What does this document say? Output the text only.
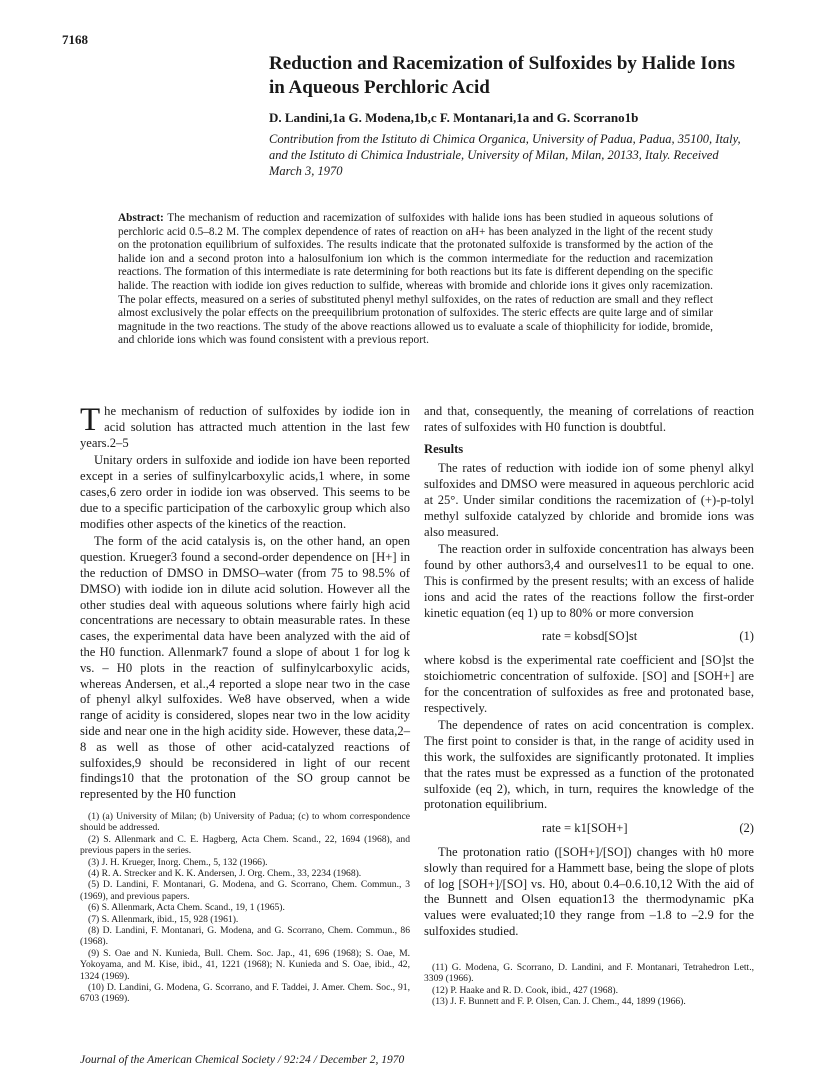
7168
Reduction and Racemization of Sulfoxides by Halide Ions in Aqueous Perchloric Acid

D. Landini,1a G. Modena,1b,c F. Montanari,1a and G. Scorrano1b

Contribution from the Istituto di Chimica Organica, University of Padua, Padua, 35100, Italy, and the Istituto di Chimica Industriale, University of Milan, Milan, 20133, Italy. Received March 3, 1970

Abstract: The mechanism of reduction and racemization of sulfoxides with halide ions has been studied in aqueous solutions of perchloric acid 0.5–8.2 M. The complex dependence of rates of reaction on aH+ has been analyzed in the light of the recent study on the protonation equilibrium of sulfoxides. The results indicate that the protonated sulfoxide is transformed by the action of the halide ion and a second proton into a halosulfonium ion which is the common intermediate for the reduction and racemization reactions. The formation of this intermediate is rate determining for both reactions but its fate is different depending on the specific halide. The reaction with iodide ion gives reduction to sulfide, whereas with bromide and chloride ions it gives only racemization. The polar effects, measured on a series of substituted phenyl methyl sulfoxides, on the rates of reduction are small and they reflect almost exclusively the polar effects on the preequilibrium protonation of sulfoxides. The steric effects are quite large and of similar magnitude in the two reactions. The study of the above reactions allowed us to evaluate a scale of thiophilicity for iodide, bromide, and chloride ions which was found consistent with a previous report.

The mechanism of reduction of sulfoxides by iodide ion in acid solution has attracted much attention in the last few years.2–5

Unitary orders in sulfoxide and iodide ion have been reported except in a series of sulfinylcarboxylic acids,1 where, in some cases,6 zero order in iodide ion was observed. This seems to be due to a specific participation of the carboxylic group which also modifies other aspects of the kinetics of the reaction.

The form of the acid catalysis is, on the other hand, an open question. Krueger3 found a second-order dependence on [H+] in the reduction of DMSO in DMSO–water (from 75 to 98.5% of DMSO) with iodide ion in dilute acid solution. However all the other studies deal with aqueous solutions where fairly high acid concentrations are necessary to obtain measurable rates. In these cases, the experimental data have been analyzed with the aid of the H0 function. Allenmark7 found a slope of about 1 for log k vs. – H0 plots in the reaction of sulfinylcarboxylic acids, whereas Andersen, et al.,4 reported a slope near two in the case of phenyl alkyl sulfoxides. We8 have observed, when a wide range of acidity is considered, slopes near two in the low acidity side and near one in the high acidity side. However, these data,2–8 as well as those of other acid-catalyzed reactions of sulfoxides,9 should be reconsidered in light of our recent findings10 that the protonation of the SO group cannot be represented by the H0 function

(1) (a) University of Milan; (b) University of Padua; (c) to whom correspondence should be addressed.
(2) S. Allenmark and C. E. Hagberg, Acta Chem. Scand., 22, 1694 (1968), and previous papers in the series.
(3) J. H. Krueger, Inorg. Chem., 5, 132 (1966).
(4) R. A. Strecker and K. K. Andersen, J. Org. Chem., 33, 2234 (1968).
(5) D. Landini, F. Montanari, G. Modena, and G. Scorrano, Chem. Commun., 3 (1969), and previous papers.
(6) S. Allenmark, Acta Chem. Scand., 19, 1 (1965).
(7) S. Allenmark, ibid., 15, 928 (1961).
(8) D. Landini, F. Montanari, G. Modena, and G. Scorrano, Chem. Commun., 86 (1968).
(9) S. Oae and N. Kunieda, Bull. Chem. Soc. Jap., 41, 696 (1968); S. Oae, M. Yokoyama, and M. Kise, ibid., 41, 1221 (1968); N. Kunieda and S. Oae, ibid., 42, 1324 (1969).
(10) D. Landini, G. Modena, G. Scorrano, and F. Taddei, J. Amer. Chem. Soc., 91, 6703 (1969).

and that, consequently, the meaning of correlations of reaction rates of sulfoxides with H0 function is doubtful.

Results

The rates of reduction with iodide ion of some phenyl alkyl sulfoxides and DMSO were measured in aqueous perchloric acid at 25°. Under similar conditions the racemization of (+)-p-tolyl methyl sulfoxide catalyzed by chloride and bromide ions was also measured.

The reaction order in sulfoxide concentration has always been found by other authors3,4 and ourselves11 to be equal to one. This is confirmed by the present results; with an excess of halide ions and acid the rates of the reactions follow the first-order kinetic equation (eq 1) up to 80% or more conversion

rate = kobsd[SO]st	(1)

where kobsd is the experimental rate coefficient and [SO]st the stoichiometric concentration of sulfoxide. [SO] and [SOH+] are for the concentration of sulfoxides as free and protonated base, respectively.

The dependence of rates on acid concentration is complex. The first point to consider is that, in the range of acidity used in this work, the sulfoxides are significantly protonated. It implies that the rates must be expressed as a function of the protonated sulfoxide (eq 2), which, in turn, requires the knowledge of the protonation equilibrium.

rate = k1[SOH+]	(2)

The protonation ratio ([SOH+]/[SO]) changes with h0 more slowly than required for a Hammett base, being the slope of plots of log [SOH+]/[SO] vs. H0, about 0.4–0.6.10,12 With the aid of the Bunnett and Olsen equation13 the thermodynamic pKa values were evaluated;10 they range from –1.8 to –2.9 for the sulfoxides studied.

(11) G. Modena, G. Scorrano, D. Landini, and F. Montanari, Tetrahedron Lett., 3309 (1966).
(12) P. Haake and R. D. Cook, ibid., 427 (1968).
(13) J. F. Bunnett and F. P. Olsen, Can. J. Chem., 44, 1899 (1966).
Journal of the American Chemical Society / 92:24 / December 2, 1970
